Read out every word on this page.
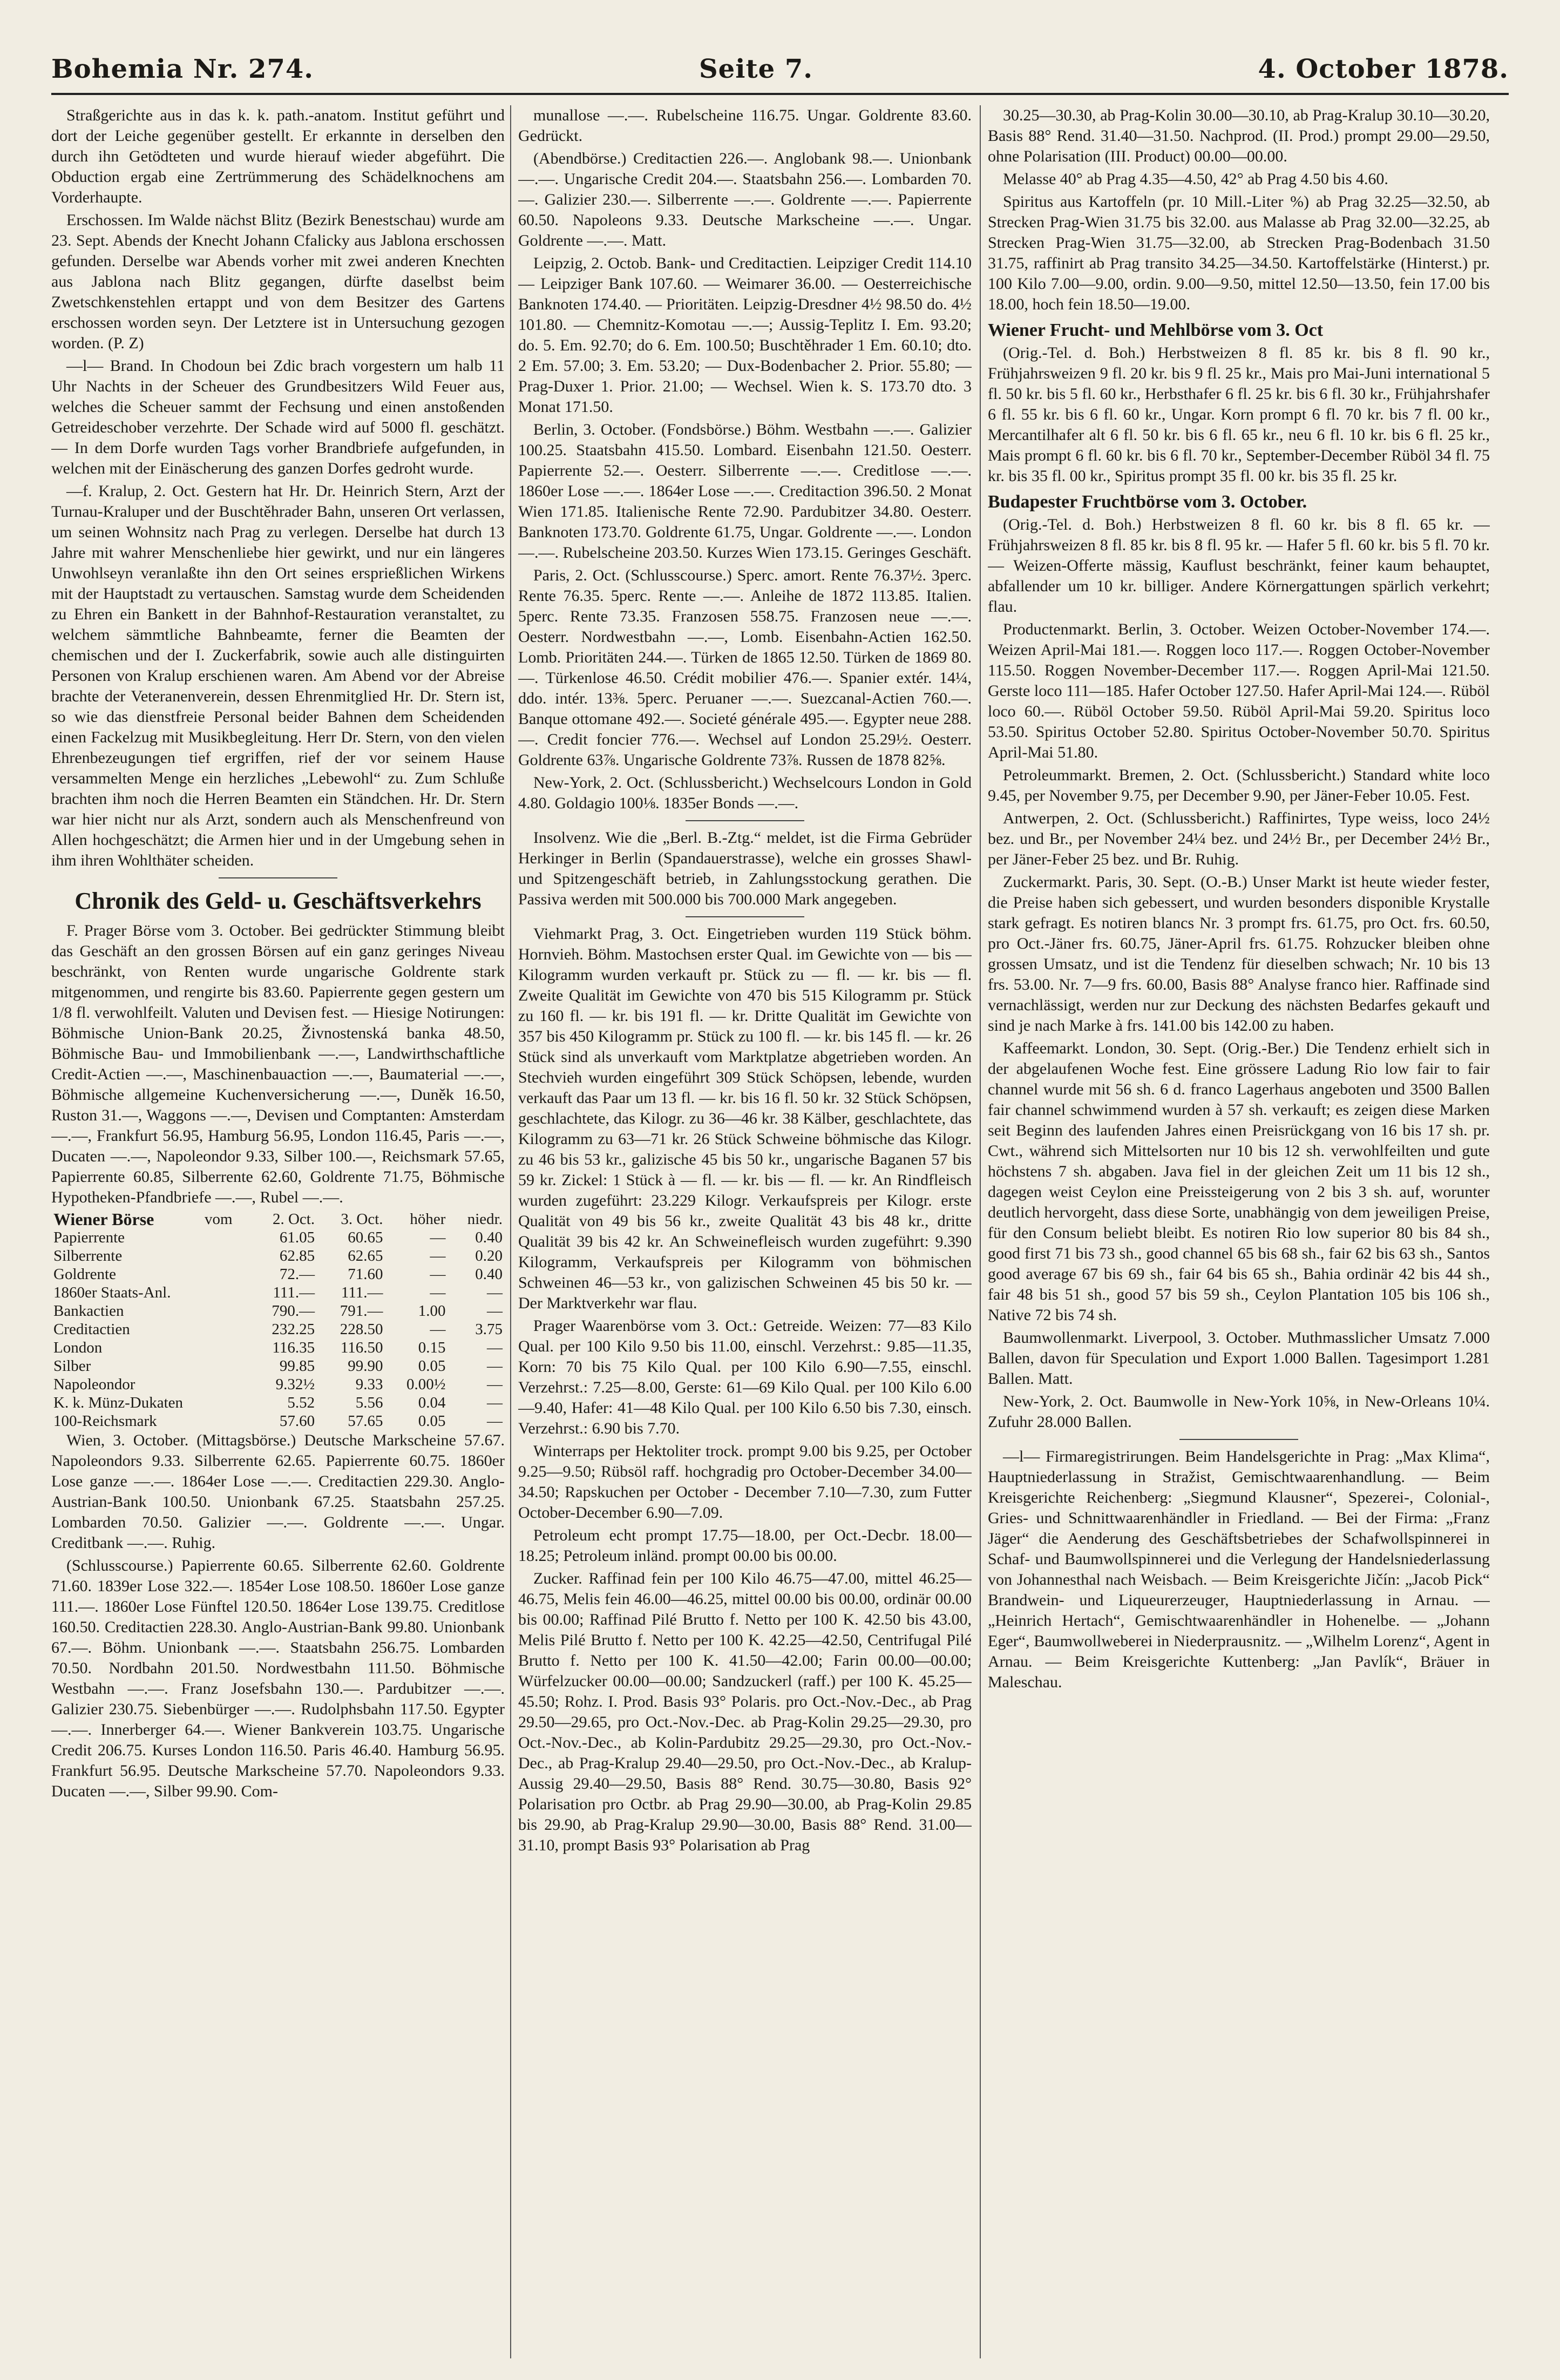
Bohemia Nr. 274.	Seite 7.	4. October 1878.

Straßgerichte aus in das k. k. path.-anatom. Institut geführt und dort der Leiche gegenüber gestellt. Er erkannte in derselben den durch ihn Getödteten und wurde hierauf wieder abgeführt. Die Obduction ergab eine Zertrümmerung des Schädelknochens am Vorderhaupte.

Erschossen. Im Walde nächst Blitz (Bezirk Benestschau) wurde am 23. Sept. Abends der Knecht Johann Cfalicky aus Jablona erschossen gefunden. Derselbe war Abends vorher mit zwei anderen Knechten aus Jablona nach Blitz gegangen, dürfte daselbst beim Zwetschkenstehlen ertappt und von dem Besitzer des Gartens erschossen worden seyn. Der Letztere ist in Untersuchung gezogen worden. (P. Z)

—l— Brand. In Chodoun bei Zdic brach vorgestern um halb 11 Uhr Nachts in der Scheuer des Grundbesitzers Wild Feuer aus, welches die Scheuer sammt der Fechsung und einen anstoßenden Getreideschober verzehrte. Der Schade wird auf 5000 fl. geschätzt. — In dem Dorfe wurden Tags vorher Brandbriefe aufgefunden, in welchen mit der Einäscherung des ganzen Dorfes gedroht wurde.

—f. Kralup, 2. Oct. Gestern hat Hr. Dr. Heinrich Stern, Arzt der Turnau-Kraluper und der Buschtěhrader Bahn, unseren Ort verlassen, um seinen Wohnsitz nach Prag zu verlegen. Derselbe hat durch 13 Jahre mit wahrer Menschenliebe hier gewirkt, und nur ein längeres Unwohlseyn veranlaßte ihn den Ort seines ersprießlichen Wirkens mit der Hauptstadt zu vertauschen. Samstag wurde dem Scheidenden zu Ehren ein Bankett in der Bahnhof-Restauration veranstaltet, zu welchem sämmtliche Bahnbeamte, ferner die Beamten der chemischen und der I. Zuckerfabrik, sowie auch alle distinguirten Personen von Kralup erschienen waren. Am Abend vor der Abreise brachte der Veteranenverein, dessen Ehrenmitglied Hr. Dr. Stern ist, so wie das dienstfreie Personal beider Bahnen dem Scheidenden einen Fackelzug mit Musikbegleitung. Herr Dr. Stern, von den vielen Ehrenbezeugungen tief ergriffen, rief der vor seinem Hause versammelten Menge ein herzliches „Lebewohl“ zu. Zum Schluße brachten ihm noch die Herren Beamten ein Ständchen. Hr. Dr. Stern war hier nicht nur als Arzt, sondern auch als Menschenfreund von Allen hochgeschätzt; die Armen hier und in der Umgebung sehen in ihm ihren Wohlthäter scheiden.

Chronik des Geld- u. Geschäftsverkehrs

F. Prager Börse vom 3. October. Bei gedrückter Stimmung bleibt das Geschäft an den grossen Börsen auf ein ganz geringes Niveau beschränkt, von Renten wurde ungarische Goldrente stark mitgenommen, und rengirte bis 83.60. Papierrente gegen gestern um 1/8 fl. verwohlfeilt. Valuten und Devisen fest. — Hiesige Notirungen: Böhmische Union-Bank 20.25, Živnostenská banka 48.50, Böhmische Bau- und Immobilienbank —.—, Landwirthschaftliche Credit-Actien —.—, Maschinenbauaction —.—, Baumaterial —.—, Böhmische allgemeine Kuchenversicherung —.—, Duněk 16.50, Ruston 31.—, Waggons —.—, Devisen und Comptanten: Amsterdam —.—, Frankfurt 56.95, Hamburg 56.95, London 116.45, Paris —.—, Ducaten —.—, Napoleondor 9.33, Silber 100.—, Reichsmark 57.65, Papierrente 60.85, Silberrente 62.60, Goldrente 71.75, Böhmische Hypotheken-Pfandbriefe —.—, Rubel —.—.

Wiener Börse	vom	2. Oct.	3. Oct.	höher	niedr.
Papierrente		61.05	60.65	—	0.40
Silberrente		62.85	62.65	—	0.20
Goldrente		72.—	71.60	—	0.40
1860er Staats-Anl.		111.—	111.—	—	—
Bankactien		790.—	791.—	1.00	—
Creditactien		232.25	228.50	—	3.75
London		116.35	116.50	0.15	—
Silber		99.85	99.90	0.05	—
Napoleondor		9.32½	9.33	0.00½	—
K. k. Münz-Dukaten		5.52	5.56	0.04	—
100-Reichsmark		57.60	57.65	0.05	—

Wien, 3. October. (Mittagsbörse.) Deutsche Markscheine 57.67. Napoleondors 9.33. Silberrente 62.65. Papierrente 60.75. 1860er Lose ganze —.—. 1864er Lose —.—. Creditactien 229.30. Anglo-Austrian-Bank 100.50. Unionbank 67.25. Staatsbahn 257.25. Lombarden 70.50. Galizier —.—. Goldrente —.—. Ungar. Creditbank —.—. Ruhig.

(Schlusscourse.) Papierrente 60.65. Silberrente 62.60. Goldrente 71.60. 1839er Lose 322.—. 1854er Lose 108.50. 1860er Lose ganze 111.—. 1860er Lose Fünftel 120.50. 1864er Lose 139.75. Creditlose 160.50. Creditactien 228.30. Anglo-Austrian-Bank 99.80. Unionbank 67.—. Böhm. Unionbank —.—. Staatsbahn 256.75. Lombarden 70.50. Nordbahn 201.50. Nordwestbahn 111.50. Böhmische Westbahn —.—. Franz Josefsbahn 130.—. Pardubitzer —.—. Galizier 230.75. Siebenbürger —.—. Rudolphsbahn 117.50. Egypter —.—. Innerberger 64.—. Wiener Bankverein 103.75. Ungarische Credit 206.75. Kurses London 116.50. Paris 46.40. Hamburg 56.95. Frankfurt 56.95. Deutsche Markscheine 57.70. Napoleondors 9.33. Ducaten —.—, Silber 99.90. Com-

munallose —.—. Rubelscheine 116.75. Ungar. Goldrente 83.60. Gedrückt.

(Abendbörse.) Creditactien 226.—. Anglobank 98.—. Unionbank —.—. Ungarische Credit 204.—. Staatsbahn 256.—. Lombarden 70.—. Galizier 230.—. Silberrente —.—. Goldrente —.—. Papierrente 60.50. Napoleons 9.33. Deutsche Markscheine —.—. Ungar. Goldrente —.—. Matt.

Leipzig, 2. Octob. Bank- und Creditactien. Leipziger Credit 114.10 — Leipziger Bank 107.60. — Weimarer 36.00. — Oesterreichische Banknoten 174.40. — Prioritäten. Leipzig-Dresdner 4½ 98.50 do. 4½ 101.80. — Chemnitz-Komotau —.—; Aussig-Teplitz I. Em. 93.20; do. 5. Em. 92.70; do 6. Em. 100.50; Buschtěhrader 1 Em. 60.10; dto. 2 Em. 57.00; 3. Em. 53.20; — Dux-Bodenbacher 2. Prior. 55.80; — Prag-Duxer 1. Prior. 21.00; — Wechsel. Wien k. S. 173.70 dto. 3 Monat 171.50.

Berlin, 3. October. (Fondsbörse.) Böhm. Westbahn —.—. Galizier 100.25. Staatsbahn 415.50. Lombard. Eisenbahn 121.50. Oesterr. Papierrente 52.—. Oesterr. Silberrente —.—. Creditlose —.—. 1860er Lose —.—. 1864er Lose —.—. Creditaction 396.50. 2 Monat Wien 171.85. Italienische Rente 72.90. Pardubitzer 34.80. Oesterr. Banknoten 173.70. Goldrente 61.75, Ungar. Goldrente —.—. London —.—. Rubelscheine 203.50. Kurzes Wien 173.15. Geringes Geschäft.

Paris, 2. Oct. (Schlusscourse.) Sperc. amort. Rente 76.37½. 3perc. Rente 76.35. 5perc. Rente —.—. Anleihe de 1872 113.85. Italien. 5perc. Rente 73.35. Franzosen 558.75. Franzosen neue —.—. Oesterr. Nordwestbahn —.—, Lomb. Eisenbahn-Actien 162.50. Lomb. Prioritäten 244.—. Türken de 1865 12.50. Türken de 1869 80.—. Türkenlose 46.50. Crédit mobilier 476.—. Spanier extér. 14¼, ddo. intér. 13⅜. 5perc. Peruaner —.—. Suezcanal-Actien 760.—. Banque ottomane 492.—. Societé générale 495.—. Egypter neue 288.—. Credit foncier 776.—. Wechsel auf London 25.29½. Oesterr. Goldrente 63⅞. Ungarische Goldrente 73⅞. Russen de 1878 82⅝.

New-York, 2. Oct. (Schlussbericht.) Wechselcours London in Gold 4.80. Goldagio 100⅛. 1835er Bonds —.—.

Insolvenz. Wie die „Berl. B.-Ztg.“ meldet, ist die Firma Gebrüder Herkinger in Berlin (Spandauerstrasse), welche ein grosses Shawl- und Spitzengeschäft betrieb, in Zahlungsstockung gerathen. Die Passiva werden mit 500.000 bis 700.000 Mark angegeben.

Viehmarkt Prag, 3. Oct. Eingetrieben wurden 119 Stück böhm. Hornvieh. Böhm. Mastochsen erster Qual. im Gewichte von — bis — Kilogramm wurden verkauft pr. Stück zu — fl. — kr. bis — fl. Zweite Qualität im Gewichte von 470 bis 515 Kilogramm pr. Stück zu 160 fl. — kr. bis 191 fl. — kr. Dritte Qualität im Gewichte von 357 bis 450 Kilogramm pr. Stück zu 100 fl. — kr. bis 145 fl. — kr. 26 Stück sind als unverkauft vom Marktplatze abgetrieben worden. An Stechvieh wurden eingeführt 309 Stück Schöpsen, lebende, wurden verkauft das Paar um 13 fl. — kr. bis 16 fl. 50 kr. 32 Stück Schöpsen, geschlachtete, das Kilogr. zu 36—46 kr. 38 Kälber, geschlachtete, das Kilogramm zu 63—71 kr. 26 Stück Schweine böhmische das Kilogr. zu 46 bis 53 kr., galizische 45 bis 50 kr., ungarische Baganen 57 bis 59 kr. Zickel: 1 Stück à — fl. — kr. bis — fl. — kr. An Rindfleisch wurden zugeführt: 23.229 Kilogr. Verkaufspreis per Kilogr. erste Qualität von 49 bis 56 kr., zweite Qualität 43 bis 48 kr., dritte Qualität 39 bis 42 kr. An Schweinefleisch wurden zugeführt: 9.390 Kilogramm, Verkaufspreis per Kilogramm von böhmischen Schweinen 46—53 kr., von galizischen Schweinen 45 bis 50 kr. — Der Marktverkehr war flau.

Prager Waarenbörse vom 3. Oct.: Getreide. Weizen: 77—83 Kilo Qual. per 100 Kilo 9.50 bis 11.00, einschl. Verzehrst.: 9.85—11.35, Korn: 70 bis 75 Kilo Qual. per 100 Kilo 6.90—7.55, einschl. Verzehrst.: 7.25—8.00, Gerste: 61—69 Kilo Qual. per 100 Kilo 6.00—9.40, Hafer: 41—48 Kilo Qual. per 100 Kilo 6.50 bis 7.30, einsch. Verzehrst.: 6.90 bis 7.70.

Winterraps per Hektoliter trock. prompt 9.00 bis 9.25, per October 9.25—9.50; Rübsöl raff. hochgradig pro October-December 34.00—34.50; Rapskuchen per October - December 7.10—7.30, zum Futter October-December 6.90—7.09.

Petroleum echt prompt 17.75—18.00, per Oct.-Decbr. 18.00—18.25; Petroleum inländ. prompt 00.00 bis 00.00.

Zucker. Raffinad fein per 100 Kilo 46.75—47.00, mittel 46.25—46.75, Melis fein 46.00—46.25, mittel 00.00 bis 00.00, ordinär 00.00 bis 00.00; Raffinad Pilé Brutto f. Netto per 100 K. 42.50 bis 43.00, Melis Pilé Brutto f. Netto per 100 K. 42.25—42.50, Centrifugal Pilé Brutto f. Netto per 100 K. 41.50—42.00; Farin 00.00—00.00; Würfelzucker 00.00—00.00; Sandzuckerl (raff.) per 100 K. 45.25—45.50; Rohz. I. Prod. Basis 93° Polaris. pro Oct.-Nov.-Dec., ab Prag 29.50—29.65, pro Oct.-Nov.-Dec. ab Prag-Kolin 29.25—29.30, pro Oct.-Nov.-Dec., ab Kolin-Pardubitz 29.25—29.30, pro Oct.-Nov.-Dec., ab Prag-Kralup 29.40—29.50, pro Oct.-Nov.-Dec., ab Kralup-Aussig 29.40—29.50, Basis 88° Rend. 30.75—30.80, Basis 92° Polarisation pro Octbr. ab Prag 29.90—30.00, ab Prag-Kolin 29.85 bis 29.90, ab Prag-Kralup 29.90—30.00, Basis 88° Rend. 31.00—31.10, prompt Basis 93° Polarisation ab Prag

30.25—30.30, ab Prag-Kolin 30.00—30.10, ab Prag-Kralup 30.10—30.20, Basis 88° Rend. 31.40—31.50. Nachprod. (II. Prod.) prompt 29.00—29.50, ohne Polarisation (III. Product) 00.00—00.00.

Melasse 40° ab Prag 4.35—4.50, 42° ab Prag 4.50 bis 4.60.

Spiritus aus Kartoffeln (pr. 10 Mill.-Liter %) ab Prag 32.25—32.50, ab Strecken Prag-Wien 31.75 bis 32.00. aus Malasse ab Prag 32.00—32.25, ab Strecken Prag-Wien 31.75—32.00, ab Strecken Prag-Bodenbach 31.50 31.75, raffinirt ab Prag transito 34.25—34.50. Kartoffelstärke (Hinterst.) pr. 100 Kilo 7.00—9.00, ordin. 9.00—9.50, mittel 12.50—13.50, fein 17.00 bis 18.00, hoch fein 18.50—19.00.

Wiener Frucht- und Mehlbörse vom 3. Oct

(Orig.-Tel. d. Boh.) Herbstweizen 8 fl. 85 kr. bis 8 fl. 90 kr., Frühjahrsweizen 9 fl. 20 kr. bis 9 fl. 25 kr., Mais pro Mai-Juni international 5 fl. 50 kr. bis 5 fl. 60 kr., Herbsthafer 6 fl. 25 kr. bis 6 fl. 30 kr., Frühjahrshafer 6 fl. 55 kr. bis 6 fl. 60 kr., Ungar. Korn prompt 6 fl. 70 kr. bis 7 fl. 00 kr., Mercantilhafer alt 6 fl. 50 kr. bis 6 fl. 65 kr., neu 6 fl. 10 kr. bis 6 fl. 25 kr., Mais prompt 6 fl. 60 kr. bis 6 fl. 70 kr., September-December Rüböl 34 fl. 75 kr. bis 35 fl. 00 kr., Spiritus prompt 35 fl. 00 kr. bis 35 fl. 25 kr.

Budapester Fruchtbörse vom 3. October.

(Orig.-Tel. d. Boh.) Herbstweizen 8 fl. 60 kr. bis 8 fl. 65 kr. — Frühjahrsweizen 8 fl. 85 kr. bis 8 fl. 95 kr. — Hafer 5 fl. 60 kr. bis 5 fl. 70 kr. — Weizen-Offerte mässig, Kauflust beschränkt, feiner kaum behauptet, abfallender um 10 kr. billiger. Andere Körnergattungen spärlich verkehrt; flau.

Productenmarkt. Berlin, 3. October. Weizen October-November 174.—. Weizen April-Mai 181.—. Roggen loco 117.—. Roggen October-November 115.50. Roggen November-December 117.—. Roggen April-Mai 121.50. Gerste loco 111—185. Hafer October 127.50. Hafer April-Mai 124.—. Rüböl loco 60.—. Rüböl October 59.50. Rüböl April-Mai 59.20. Spiritus loco 53.50. Spiritus October 52.80. Spiritus October-November 50.70. Spiritus April-Mai 51.80.

Petroleummarkt. Bremen, 2. Oct. (Schlussbericht.) Standard white loco 9.45, per November 9.75, per December 9.90, per Jäner-Feber 10.05. Fest.

Antwerpen, 2. Oct. (Schlussbericht.) Raffinirtes, Type weiss, loco 24½ bez. und Br., per November 24¼ bez. und 24½ Br., per December 24½ Br., per Jäner-Feber 25 bez. und Br. Ruhig.

Zuckermarkt. Paris, 30. Sept. (O.-B.) Unser Markt ist heute wieder fester, die Preise haben sich gebessert, und wurden besonders disponible Krystalle stark gefragt. Es notiren blancs Nr. 3 prompt frs. 61.75, pro Oct. frs. 60.50, pro Oct.-Jäner frs. 60.75, Jäner-April frs. 61.75. Rohzucker bleiben ohne grossen Umsatz, und ist die Tendenz für dieselben schwach; Nr. 10 bis 13 frs. 53.00. Nr. 7—9 frs. 60.00, Basis 88° Analyse franco hier. Raffinade sind vernachlässigt, werden nur zur Deckung des nächsten Bedarfes gekauft und sind je nach Marke à frs. 141.00 bis 142.00 zu haben.

Kaffeemarkt. London, 30. Sept. (Orig.-Ber.) Die Tendenz erhielt sich in der abgelaufenen Woche fest. Eine grössere Ladung Rio low fair to fair channel wurde mit 56 sh. 6 d. franco Lagerhaus angeboten und 3500 Ballen fair channel schwimmend wurden à 57 sh. verkauft; es zeigen diese Marken seit Beginn des laufenden Jahres einen Preisrückgang von 16 bis 17 sh. pr. Cwt., während sich Mittelsorten nur 10 bis 12 sh. verwohlfeilten und gute höchstens 7 sh. abgaben. Java fiel in der gleichen Zeit um 11 bis 12 sh., dagegen weist Ceylon eine Preissteigerung von 2 bis 3 sh. auf, worunter deutlich hervorgeht, dass diese Sorte, unabhängig von dem jeweiligen Preise, für den Consum beliebt bleibt. Es notiren Rio low superior 80 bis 84 sh., good first 71 bis 73 sh., good channel 65 bis 68 sh., fair 62 bis 63 sh., Santos good average 67 bis 69 sh., fair 64 bis 65 sh., Bahia ordinär 42 bis 44 sh., fair 48 bis 51 sh., good 57 bis 59 sh., Ceylon Plantation 105 bis 106 sh., Native 72 bis 74 sh.

Baumwollenmarkt. Liverpool, 3. October. Muthmasslicher Umsatz 7.000 Ballen, davon für Speculation und Export 1.000 Ballen. Tagesimport 1.281 Ballen. Matt.

New-York, 2. Oct. Baumwolle in New-York 10⅝, in New-Orleans 10¼. Zufuhr 28.000 Ballen.

—l— Firmaregistrirungen. Beim Handelsgerichte in Prag: „Max Klima“, Hauptniederlassung in Stražist, Gemischtwaarenhandlung. — Beim Kreisgerichte Reichenberg: „Siegmund Klausner“, Spezerei-, Colonial-, Gries- und Schnittwaarenhändler in Friedland. — Bei der Firma: „Franz Jäger“ die Aenderung des Geschäftsbetriebes der Schafwollspinnerei in Schaf- und Baumwollspinnerei und die Verlegung der Handelsniederlassung von Johannesthal nach Weisbach. — Beim Kreisgerichte Jičín: „Jacob Pick“ Brandwein- und Liqueurerzeuger, Hauptniederlassung in Arnau. — „Heinrich Hertach“, Gemischtwaarenhändler in Hohenelbe. — „Johann Eger“, Baumwollweberei in Niederprausnitz. — „Wilhelm Lorenz“, Agent in Arnau. — Beim Kreisgerichte Kuttenberg: „Jan Pavlík“, Bräuer in Maleschau.
